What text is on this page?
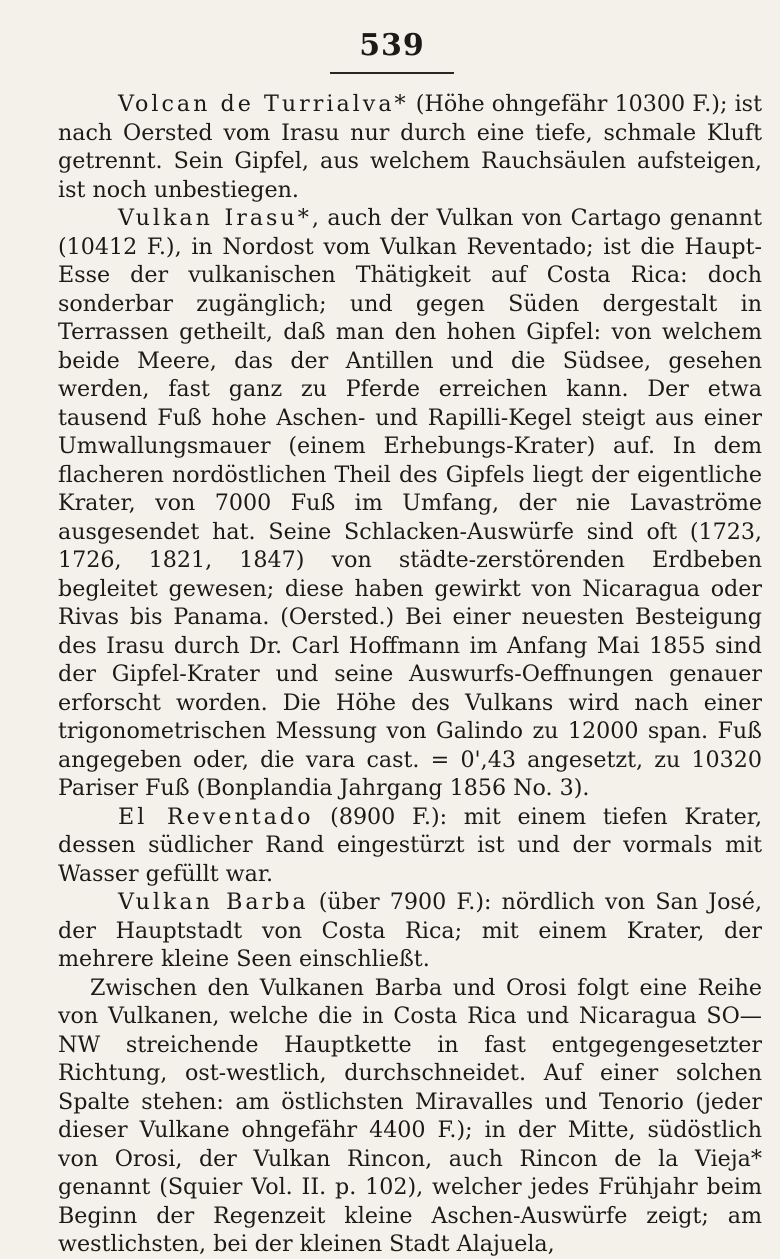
539

Volcan de Turrialva* (Höhe ohngefähr 10300 F.); ist nach Oersted vom Irasu nur durch eine tiefe, schmale Kluft getrennt. Sein Gipfel, aus welchem Rauchsäulen aufsteigen, ist noch unbestiegen.

Vulkan Irasu*, auch der Vulkan von Cartago genannt (10412 F.), in Nordost vom Vulkan Reventado; ist die Haupt-Esse der vulkanischen Thätigkeit auf Costa Rica: doch sonderbar zugänglich; und gegen Süden dergestalt in Terrassen getheilt, daß man den hohen Gipfel: von welchem beide Meere, das der Antillen und die Südsee, gesehen werden, fast ganz zu Pferde erreichen kann. Der etwa tausend Fuß hohe Aschen- und Rapilli-Kegel steigt aus einer Umwallungsmauer (einem Erhebungs-Krater) auf. In dem flacheren nordöstlichen Theil des Gipfels liegt der eigentliche Krater, von 7000 Fuß im Umfang, der nie Lavaströme ausgesendet hat. Seine Schlacken-Auswürfe sind oft (1723, 1726, 1821, 1847) von städte-zerstörenden Erdbeben begleitet gewesen; diese haben gewirkt von Nicaragua oder Rivas bis Panama. (Oersted.) Bei einer neuesten Besteigung des Irasu durch Dr. Carl Hoffmann im Anfang Mai 1855 sind der Gipfel-Krater und seine Auswurfs-Oeffnungen genauer erforscht worden. Die Höhe des Vulkans wird nach einer trigonometrischen Messung von Galindo zu 12000 span. Fuß angegeben oder, die vara cast. = 0',43 angesetzt, zu 10320 Pariser Fuß (Bonplandia Jahrgang 1856 No. 3).

El Reventado (8900 F.): mit einem tiefen Krater, dessen südlicher Rand eingestürzt ist und der vormals mit Wasser gefüllt war.

Vulkan Barba (über 7900 F.): nördlich von San José, der Hauptstadt von Costa Rica; mit einem Krater, der mehrere kleine Seen einschließt.

Zwischen den Vulkanen Barba und Orosi folgt eine Reihe von Vulkanen, welche die in Costa Rica und Nicaragua SO—NW streichende Hauptkette in fast entgegengesetzter Richtung, ost-westlich, durchschneidet. Auf einer solchen Spalte stehen: am östlichsten Miravalles und Tenorio (jeder dieser Vulkane ohngefähr 4400 F.); in der Mitte, südöstlich von Orosi, der Vulkan Rincon, auch Rincon de la Vieja* genannt (Squier Vol. II. p. 102), welcher jedes Frühjahr beim Beginn der Regenzeit kleine Aschen-Auswürfe zeigt; am westlichsten, bei der kleinen Stadt Alajuela,
